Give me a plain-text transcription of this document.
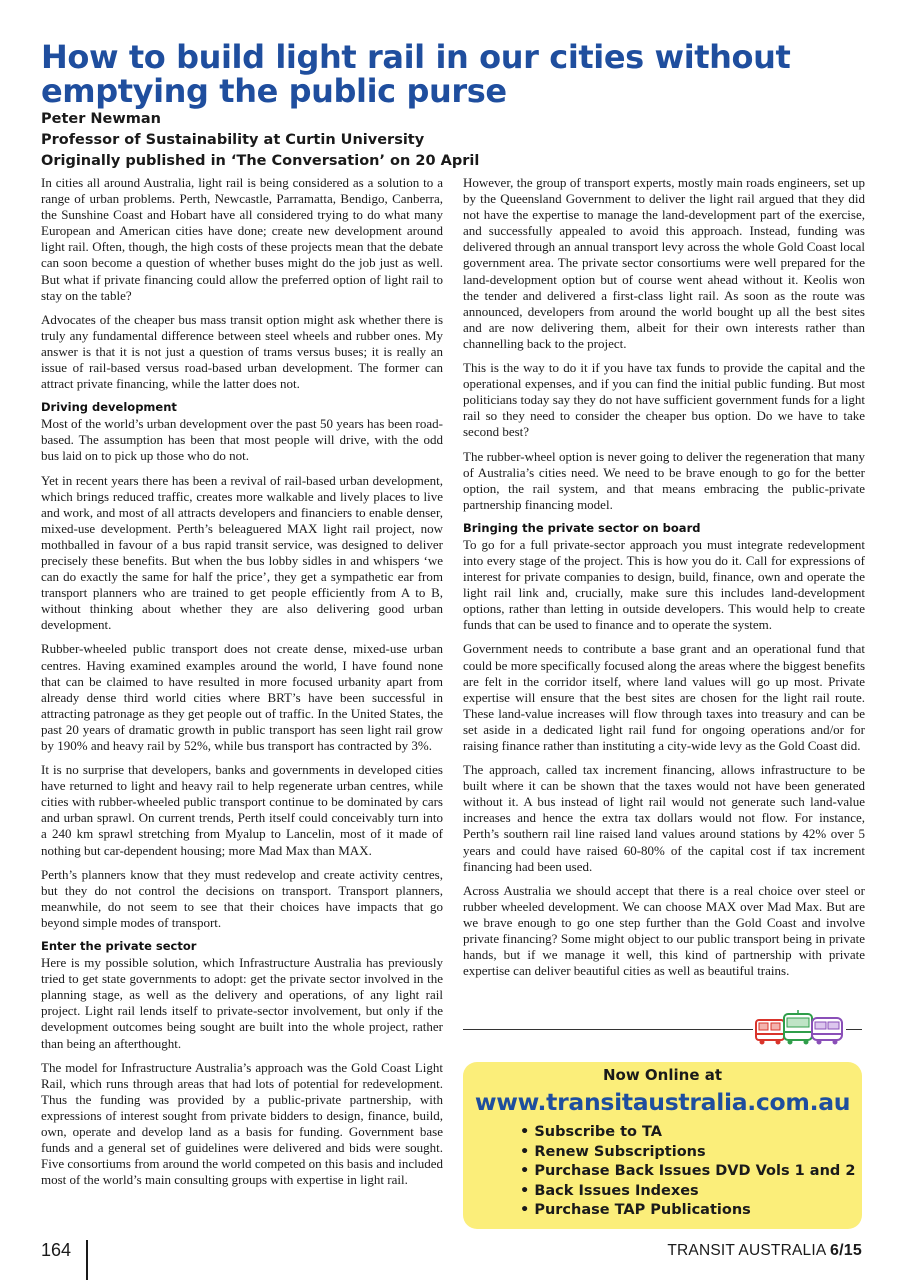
How to build light rail in our cities without emptying the public purse
Peter Newman
Professor of Sustainability at Curtin University
Originally published in ‘The Conversation’ on 20 April

In cities all around Australia, light rail is being considered as a solution to a range of urban problems. Perth, Newcastle, Parramatta, Bendigo, Canberra, the Sunshine Coast and Hobart have all considered trying to do what many European and American cities have done; create new development around light rail. Often, though, the high costs of these projects mean that the debate can soon become a question of whether buses might do the job just as well. But what if private financing could allow the preferred option of light rail to stay on the table?

Advocates of the cheaper bus mass transit option might ask whether there is truly any fundamental difference between steel wheels and rubber ones. My answer is that it is not just a question of trams versus buses; it is really an issue of rail-based versus road-based urban development. The former can attract private financing, while the latter does not.

Driving development

Most of the world’s urban development over the past 50 years has been road-based. The assumption has been that most people will drive, with the odd bus laid on to pick up those who do not.

Yet in recent years there has been a revival of rail-based urban development, which brings reduced traffic, creates more walkable and lively places to live and work, and most of all attracts developers and financiers to enable denser, mixed-use development. Perth’s beleaguered MAX light rail project, now mothballed in favour of a bus rapid transit service, was designed to deliver precisely these benefits. But when the bus lobby sidles in and whispers ‘we can do exactly the same for half the price’, they get a sympathetic ear from transport planners who are trained to get people efficiently from A to B, without thinking about whether they are also delivering good urban development.

Rubber-wheeled public transport does not create dense, mixed-use urban centres. Having examined examples around the world, I have found none that can be claimed to have resulted in more focused urbanity apart from already dense third world cities where BRT’s have been successful in attracting patronage as they get people out of traffic. In the United States, the past 20 years of dramatic growth in public transport has seen light rail grow by 190% and heavy rail by 52%, while bus transport has contracted by 3%.

It is no surprise that developers, banks and governments in developed cities have returned to light and heavy rail to help regenerate urban centres, while cities with rubber-wheeled public transport continue to be dominated by cars and urban sprawl. On current trends, Perth itself could conceivably turn into a 240 km sprawl stretching from Myalup to Lancelin, most of it made of nothing but car-dependent housing; more Mad Max than MAX.

Perth’s planners know that they must redevelop and create activity centres, but they do not control the decisions on transport. Transport planners, meanwhile, do not seem to see that their choices have impacts that go beyond simple modes of transport.

Enter the private sector

Here is my possible solution, which Infrastructure Australia has previously tried to get state governments to adopt: get the private sector involved in the planning stage, as well as the delivery and operations, of any light rail project. Light rail lends itself to private-sector involvement, but only if the development outcomes being sought are built into the whole project, rather than being an afterthought.

The model for Infrastructure Australia’s approach was the Gold Coast Light Rail, which runs through areas that had lots of potential for redevelopment. Thus the funding was provided by a public-private partnership, with expressions of interest sought from private bidders to design, finance, build, own, operate and develop land as a basis for funding. Government base funds and a general set of guidelines were delivered and bids were sought. Five consortiums from around the world competed on this basis and included most of the world’s main consulting groups with expertise in light rail.

However, the group of transport experts, mostly main roads engineers, set up by the Queensland Government to deliver the light rail argued that they did not have the expertise to manage the land-development part of the exercise, and successfully appealed to avoid this approach. Instead, funding was delivered through an annual transport levy across the whole Gold Coast local government area. The private sector consortiums were well prepared for the land-development option but of course went ahead without it. Keolis won the tender and delivered a first-class light rail. As soon as the route was announced, developers from around the world bought up all the best sites and are now delivering them, albeit for their own interests rather than channelling back to the project.

This is the way to do it if you have tax funds to provide the capital and the operational expenses, and if you can find the initial public funding. But most politicians today say they do not have sufficient government funds for a light rail so they need to consider the cheaper bus option. Do we have to take second best?

The rubber-wheel option is never going to deliver the regeneration that many of Australia’s cities need. We need to be brave enough to go for the better option, the rail system, and that means embracing the public-private partnership financing model.

Bringing the private sector on board

To go for a full private-sector approach you must integrate redevelopment into every stage of the project. This is how you do it. Call for expressions of interest for private companies to design, build, finance, own and operate the light rail link and, crucially, make sure this includes land-development options, rather than letting in outside developers. This would help to create funds that can be used to finance and to operate the system.

Government needs to contribute a base grant and an operational fund that could be more specifically focused along the areas where the biggest benefits are felt in the corridor itself, where land values will go up most. Private expertise will ensure that the best sites are chosen for the light rail route. These land-value increases will flow through taxes into treasury and can be set aside in a dedicated light rail fund for ongoing operations and/or for raising finance rather than instituting a city-wide levy as the Gold Coast did.

The approach, called tax increment financing, allows infrastructure to be built where it can be shown that the taxes would not have been generated without it. A bus instead of light rail would not generate such land-value increases and hence the extra tax dollars would not flow. For instance, Perth’s southern rail line raised land values around stations by 42% over 5 years and could have raised 60-80% of the capital cost if tax increment financing had been used.

Across Australia we should accept that there is a real choice over steel or rubber wheeled development. We can choose MAX over Mad Max. But are we brave enough to go one step further than the Gold Coast and involve private financing? Some might object to our public transport being in private hands, but if we manage it well, this kind of partnership with private expertise can deliver beautiful cities as well as beautiful trains.

Now Online at
www.transitaustralia.com.au
• Subscribe to TA
• Renew Subscriptions
• Purchase Back Issues DVD Vols 1 and 2
• Back Issues Indexes
• Purchase TAP Publications
164	TRANSIT AUSTRALIA 6/15
